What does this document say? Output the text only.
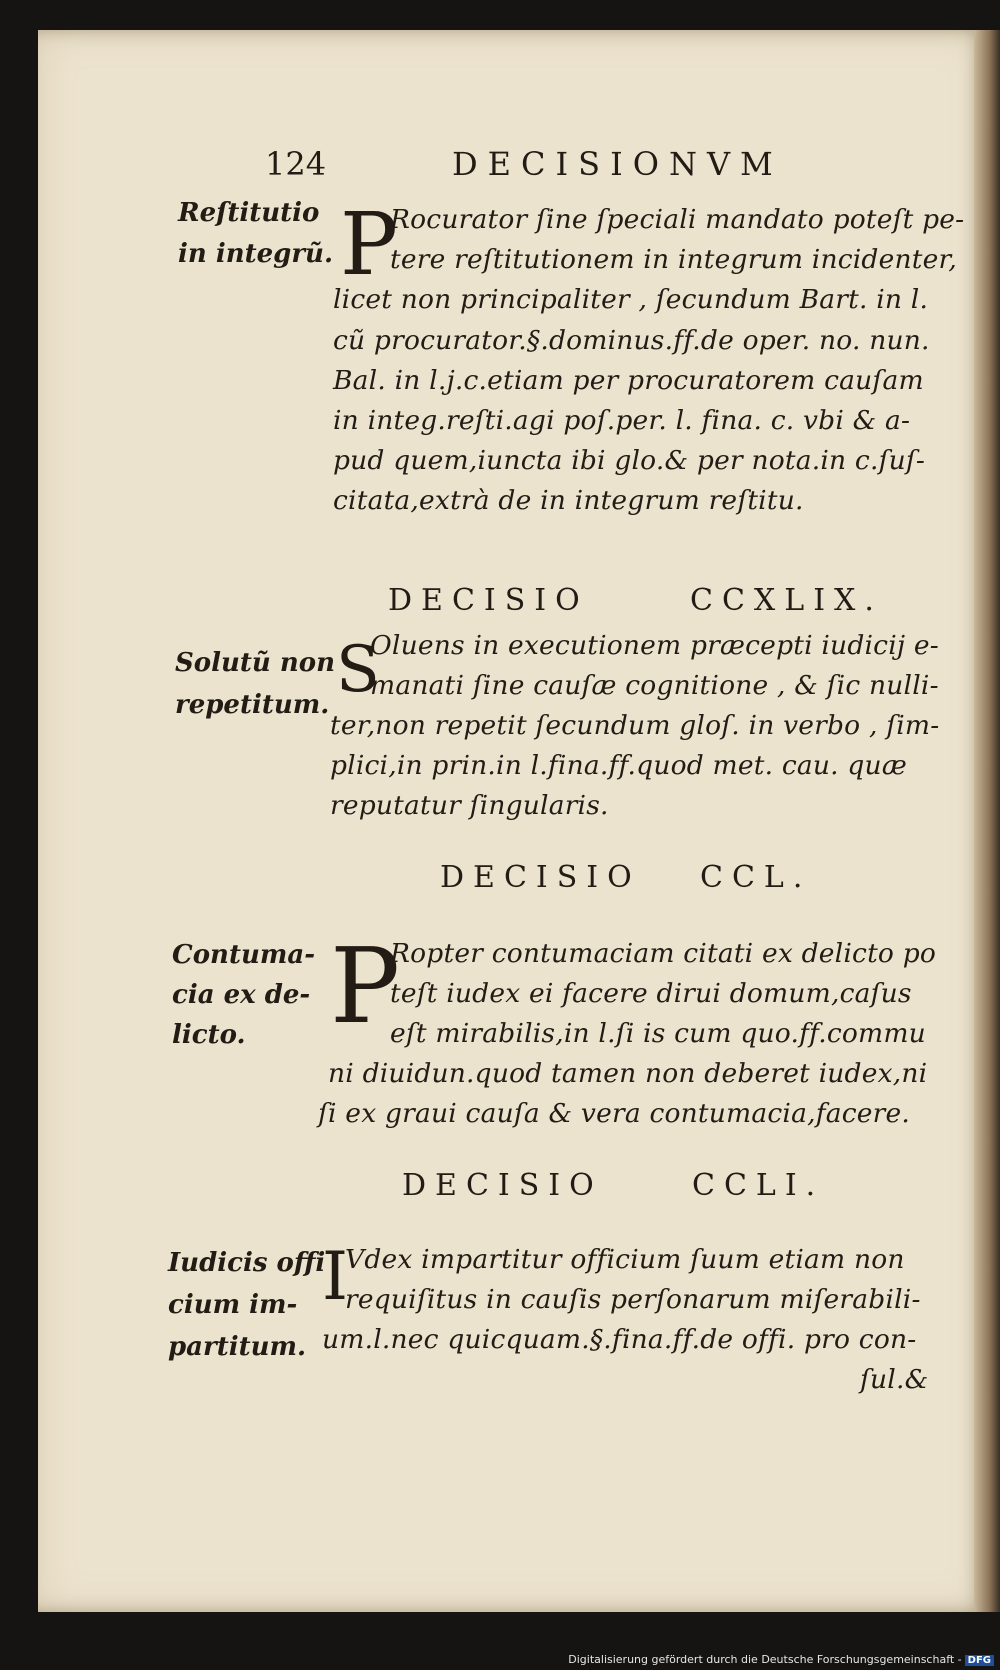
124	DECISIONVM
Reſtitutio
in integrũ. P
Rocurator ſine ſpeciali mandato poteſt pe-
tere reſtitutionem in integrum incidenter,
licet non principaliter , ſecundum Bart. in l.
cũ procurator.§.dominus.ff.de oper. no. nun.
Bal. in l.j.c.etiam per procuratorem cauſam
in integ.reſti.agi poſ.per. l. fina. c. vbi & a-
pud quem,iuncta ibi glo.& per nota.in c.ſuſ-
citata,extrà de in integrum reſtitu.
DECISIO	CCXLIX.
Solutũ non
repetitum. S
Oluens in executionem præcepti iudicij e-
manati ſine cauſæ cognitione , & ſic nulli-
ter,non repetit ſecundum gloſ. in verbo , ſim-
plici,in prin.in l.fina.ff.quod met. cau. quæ
reputatur ſingularis.
DECISIO CCL.
Contuma-
cia ex de-
licto. P
Ropter contumaciam citati ex delicto po
teſt iudex ei facere dirui domum,caſus
eſt mirabilis,in l.ſi is cum quo.ff.commu
ni diuidun.quod tamen non deberet iudex,ni
ſi ex graui cauſa & vera contumacia,facere.
DECISIO	CCLI.
Iudicis offi
cium im-
partitum.
I
Vdex impartitur officium ſuum etiam non
requiſitus in cauſis perſonarum miſerabili-
um.l.nec quicquam.§.fina.ff.de offi. pro con-
ſul.&
Digitalisierung gefördert durch die Deutsche Forschungsgemeinschaft - DFG
